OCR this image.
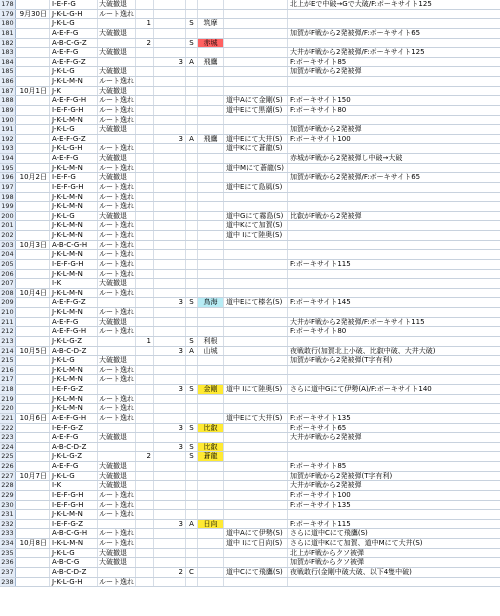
178	I-E-F-G	大破撤退	北上がEで中破→Gで大破/F:ボーキサイト125
179 9月30日 J-K-L-G-H	ルート逸れ
180	J-K-L-G	1	S	筑摩
181	A-E-F-G	大破撤退	加賀がF戦から2発被弾/F:ボーキサイト65
182	A-B-C-G-Z	2	S	赤城
183	A-E-F-G	大破撤退	大井がF戦から2発被弾/F:ボーキサイト125
184	A-E-F-G-Z	3 A	飛鷹	F:ボーキサイト85
185	J-K-L-G	大破撤退	加賀がF戦から2発被弾
186	J-K-L-M-N	ルート逸れ
187 10月1日 J-K	大破撤退
188	A-E-F-G-H	ルート逸れ	道中Aにて金剛(S)	F:ボーキサイト150
189	I-E-F-G-H	ルート逸れ	道中Eにて黒潮(S)	F:ボーキサイト80
190	J-K-L-M-N	ルート逸れ
191	J-K-L-G	大破撤退	加賀がF戦から2発被弾
192	A-E-F-G-Z	3 A	飛鷹	道中Eにて大井(S)	F:ボーキサイト100
193	J-K-L-G-H	ルート逸れ	道中Kにて蒼龍(S)
194	A-E-F-G	大破撤退	赤城がF戦から2発被弾し中破→大破
195	J-K-L-M-N	ルート逸れ	道中Mにて蒼龍(S)
196 10月2日 I-E-F-G	大破撤退	加賀がF戦から2発被弾/F:ボーキサイト65
197	I-E-F-G-H	ルート逸れ	道中Eにて島風(S)
198	J-K-L-M-N	ルート逸れ
199	J-K-L-M-N	ルート逸れ
200	J-K-L-G	大破撤退	道中Gにて霧島(S) 比叡がF戦から2発被弾
201	J-K-L-M-N	ルート逸れ	道中Kにて加賀(S)
202	J-K-L-M-N	ルート逸れ	道中 Iにて陸奥(S)
203 10月3日 A-B-C-G-H	ルート逸れ
204	J-K-L-M-N	ルート逸れ
205	I-E-F-G-H	ルート逸れ	F:ボーキサイト115
206	J-K-L-M-N	ルート逸れ
207	I-K	大破撤退
208 10月4日 J-K-L-M-N	ルート逸れ
209	A-E-F-G-Z	3 S	鳥海	道中Eにて榛名(S)	F:ボーキサイト145
210	J-K-L-M-N	ルート逸れ
211	A-E-F-G	大破撤退	大井がF戦から2発被弾/F:ボーキサイト115
212	A-E-F-G-H	ルート逸れ	F:ボーキサイト80
213	J-K-L-G-Z	1	S	利根
214 10月5日 A-B-C-D-Z	3 A	山城	夜戦敢行(加賀北上小破、比叡中破、大井大破)
215	J-K-L-G	大破撤退	加賀がF戦から2発被弾(T字有利)
216	J-K-L-M-N	ルート逸れ
217	J-K-L-M-N	ルート逸れ
218	I-E-F-G-Z	3 S	金剛	道中 Iにて陸奥(S)	さらに道中Gにて伊勢(A)/F:ボーキサイト140
219	J-K-L-M-N	ルート逸れ
220	J-K-L-M-N	ルート逸れ
221 10月6日 A-E-F-G-H	ルート逸れ	道中Eにて大井(S)	F:ボーキサイト135
222	I-E-F-G-Z	3 S	比叡	F:ボーキサイト65
223	A-E-F-G	大破撤退	大井がF戦から2発被弾
224	A-B-C-D-Z	3 S	比叡
225	J-K-L-G-Z	2	S	蒼龍
226	A-E-F-G	大破撤退	F:ボーキサイト85
227 10月7日 J-K-L-G	大破撤退	加賀がF戦から2発被弾(T字有利)
228	I-K	大破撤退	大井がF戦から2発被弾
229	I-E-F-G-H	ルート逸れ	F:ボーキサイト100
230	I-E-F-G-H	ルート逸れ	F:ボーキサイト135
231	J-K-L-M-N	ルート逸れ
232	I-E-F-G-Z	3 A	日向	F:ボーキサイト115
233	A-B-C-G-H	ルート逸れ	道中Aにて伊勢(S)	さらに道中Cにて飛鷹(S)
234 10月8日 I-K-L-M-N	ルート逸れ	道中 Iにて日向(S)	さらに道中Kにて加賀、道中Mにて大井(S)
235	J-K-L-G	大破撤退	北上がF戦からクソ被弾
236	A-B-C-G	大破撤退	加賀がF戦からクソ被弾
237	A-B-C-D-Z	2 C	道中Cにて飛鷹(S)	夜戦敢行(金剛中破大破、以下4隻中破)
238	J-K-L-G-H	ルート逸れ
